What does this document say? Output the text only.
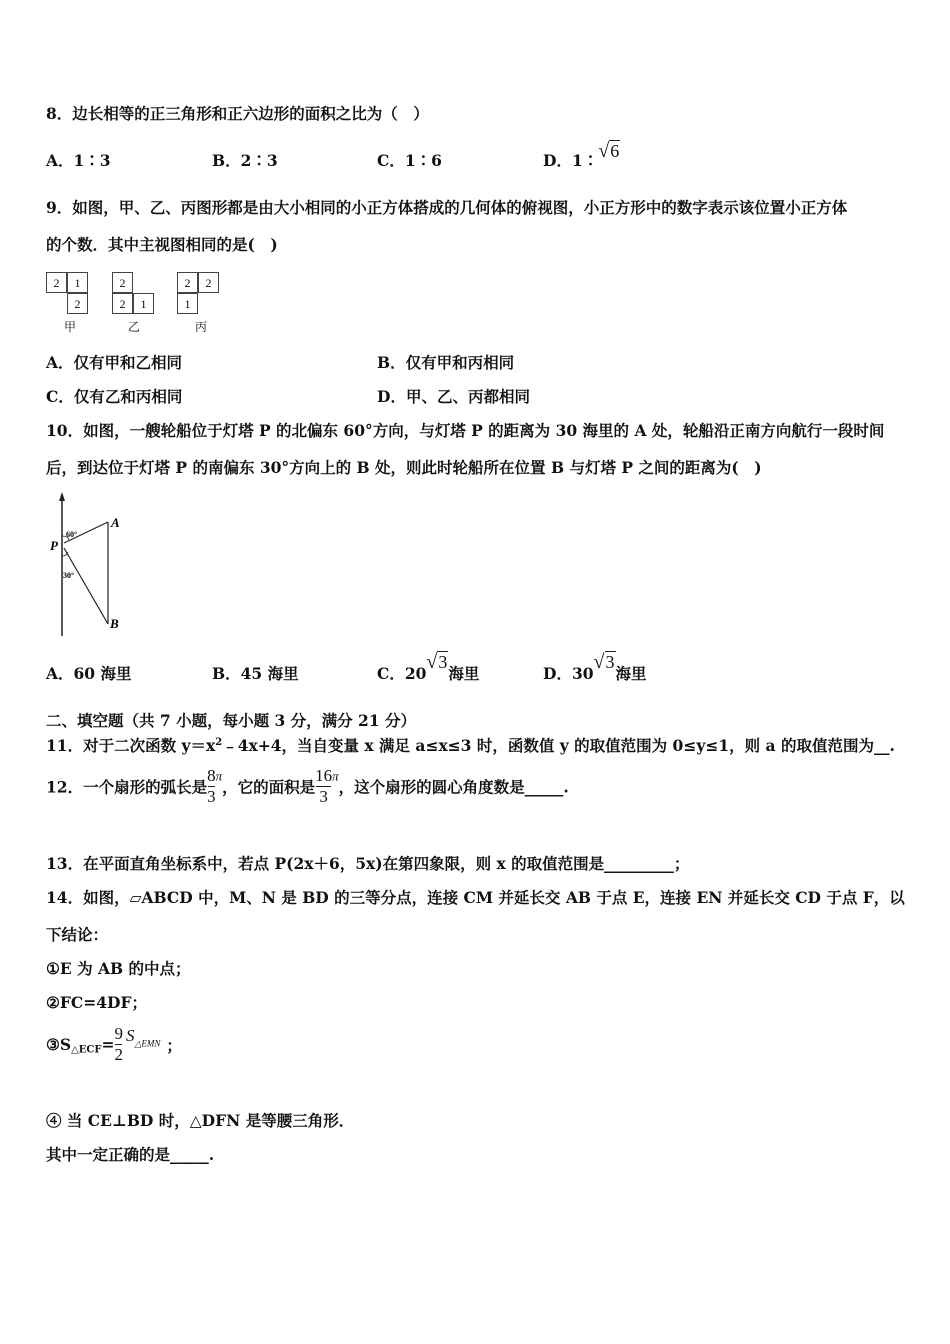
8．边长相等的正三角形和正六边形的面积之比为（　）
A．1∶3	B．2∶3	C．1∶6	D．1∶√6
9．如图，甲、乙、丙图形都是由大小相同的小正方体搭成的几何体的俯视图，小正方形中的数字表示该位置小正方体
的个数．其中主视图相同的是(　)
2	1
2
甲
2
2	1
乙
2	2
1
丙
A．仅有甲和乙相同	B．仅有甲和丙相同
C．仅有乙和丙相同	D．甲、乙、丙都相同
10．如图，一艘轮船位于灯塔 P 的北偏东 60°方向，与灯塔 P 的距离为 30 海里的 A 处，轮船沿正南方向航行一段时间
后，到达位于灯塔 P 的南偏东 30°方向上的 B 处，则此时轮船所在位置 B 与灯塔 P 之间的距离为(　)
P
A
B
60°
30°
A．60 海里	B．45 海里	C．20√3海里	D．30√3海里
二、填空题（共 7 小题，每小题 3 分，满分 21 分）
11．对于二次函数 $y=x^2﹣4x+4$，当自变量 x 满足 a≤x≤3 时，函数值 y 的取值范围为 0≤y≤1，则 a 的取值范围为__.
12．一个扇形的弧长是 $\frac{8}{3} ^\pi$，它的面积是 $\frac{16}{3} ^\pi$，这个扇形的圆心角度数是_____.
13．在平面直角坐标系中，若点 P(2x＋6，5x)在第四象限，则 x 的取值范围是_________；
14．如图，▱ABCD 中，M、N 是 BD 的三等分点，连接 CM 并延长交 AB 于点 E，连接 EN 并延长交 CD 于点 F，以
下结论：
①E 为 AB 的中点；
②FC=4DF；
$③S_{\triangle ECF}= \frac{9}{2} S_{\triangle EMN}$ ；
④ 当 CE⊥BD 时，△DFN 是等腰三角形．
其中一定正确的是_____.
